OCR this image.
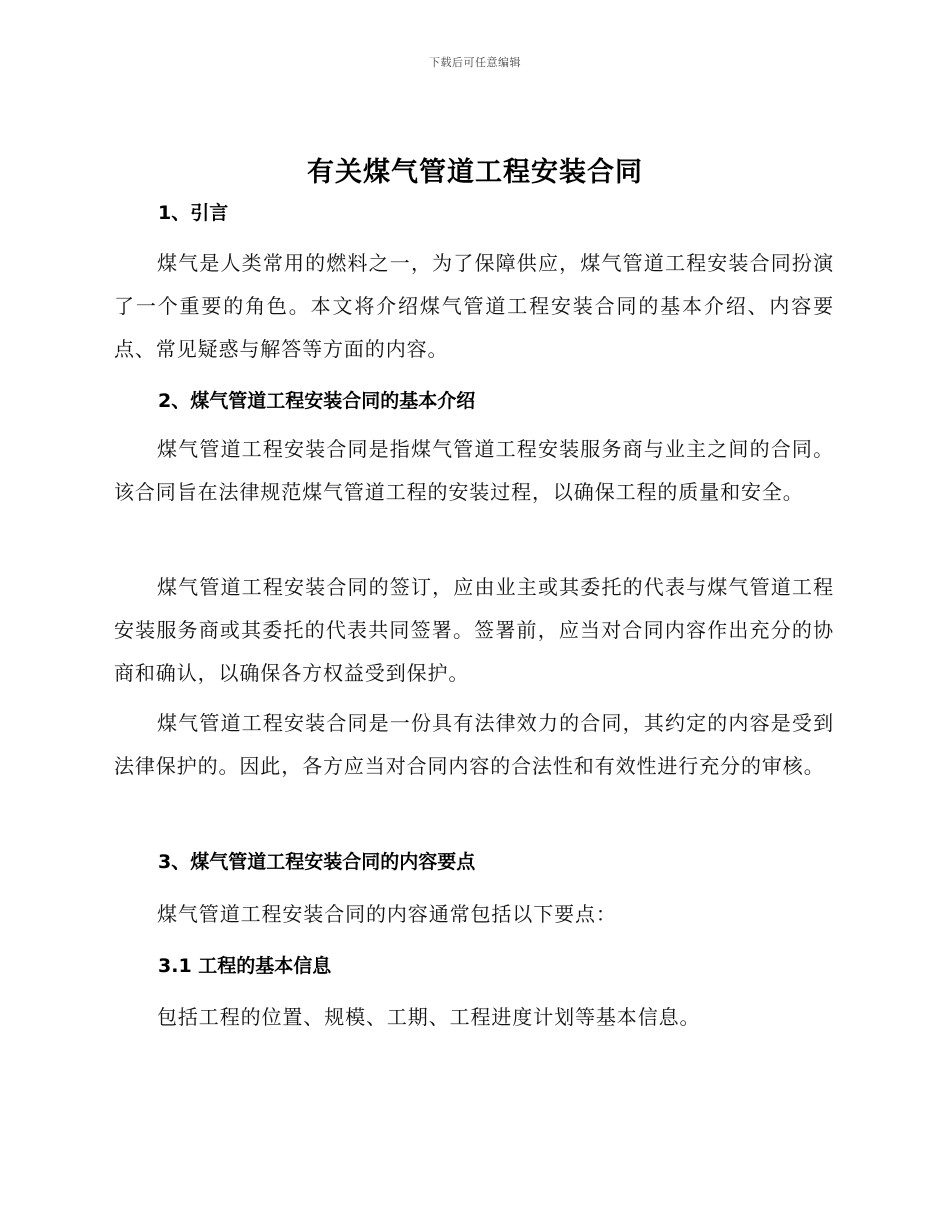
下载后可任意编辑
有关煤气管道工程安装合同
1、引言
煤气是人类常用的燃料之一，为了保障供应，煤气管道工程安装合同扮演了一个重要的角色。本文将介绍煤气管道工程安装合同的基本介绍、内容要点、常见疑惑与解答等方面的内容。
2、煤气管道工程安装合同的基本介绍
煤气管道工程安装合同是指煤气管道工程安装服务商与业主之间的合同。该合同旨在法律规范煤气管道工程的安装过程，以确保工程的质量和安全。
煤气管道工程安装合同的签订，应由业主或其委托的代表与煤气管道工程安装服务商或其委托的代表共同签署。签署前，应当对合同内容作出充分的协商和确认，以确保各方权益受到保护。
煤气管道工程安装合同是一份具有法律效力的合同，其约定的内容是受到法律保护的。因此，各方应当对合同内容的合法性和有效性进行充分的审核。
3、煤气管道工程安装合同的内容要点
煤气管道工程安装合同的内容通常包括以下要点：
3.1 工程的基本信息
包括工程的位置、规模、工期、工程进度计划等基本信息。
